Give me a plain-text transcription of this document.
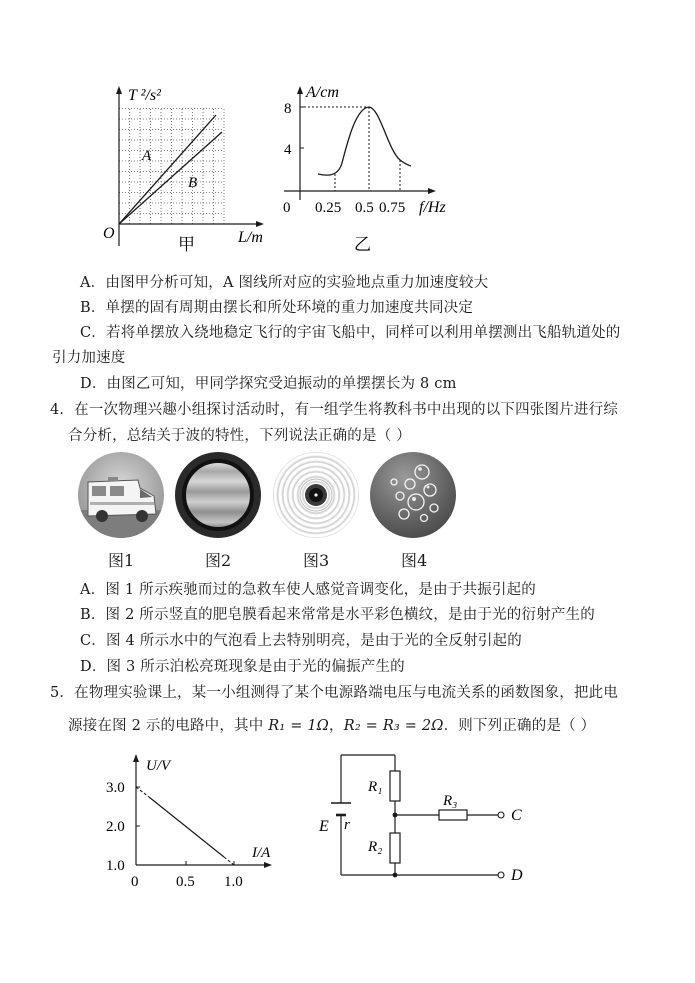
T ²/s²
A
B
O	L/m
甲
A/cm
8
4
0 0.25 0.5 0.75 f/Hz
乙
A．由图甲分析可知，A 图线所对应的实验地点重力加速度较大
B．单摆的固有周期由摆长和所处环境的重力加速度共同决定
C．若将单摆放入绕地稳定飞行的宇宙飞船中，同样可以利用单摆测出飞船轨道处的
引力加速度
D．由图乙可知，甲同学探究受迫振动的单摆摆长为 8 cm
4．在一次物理兴趣小组探讨活动时，有一组学生将教科书中出现的以下四张图片进行综
合分析，总结关于波的特性，下列说法正确的是（ ）
图1	图2	图3	图4
A．图 1 所示疾驰而过的急救车使人感觉音调变化，是由于共振引起的
B．图 2 所示竖直的肥皂膜看起来常常是水平彩色横纹，是由于光的衍射产生的
C．图 4 所示水中的气泡看上去特别明亮，是由于光的全反射引起的
D．图 3 所示泊松亮斑现象是由于光的偏振产生的
5．在物理实验课上，某一小组测得了某个电源路端电压与电流关系的函数图象，把此电
源接在图 2 示的电路中，其中 R₁ = 1Ω，R₂ = R₃ = 2Ω．则下列正确的是（ ）
U/V
3.0
2.0
1.0
I/A
0	0.5 1.0
R₁
R₂
R₃
E r
C
D
